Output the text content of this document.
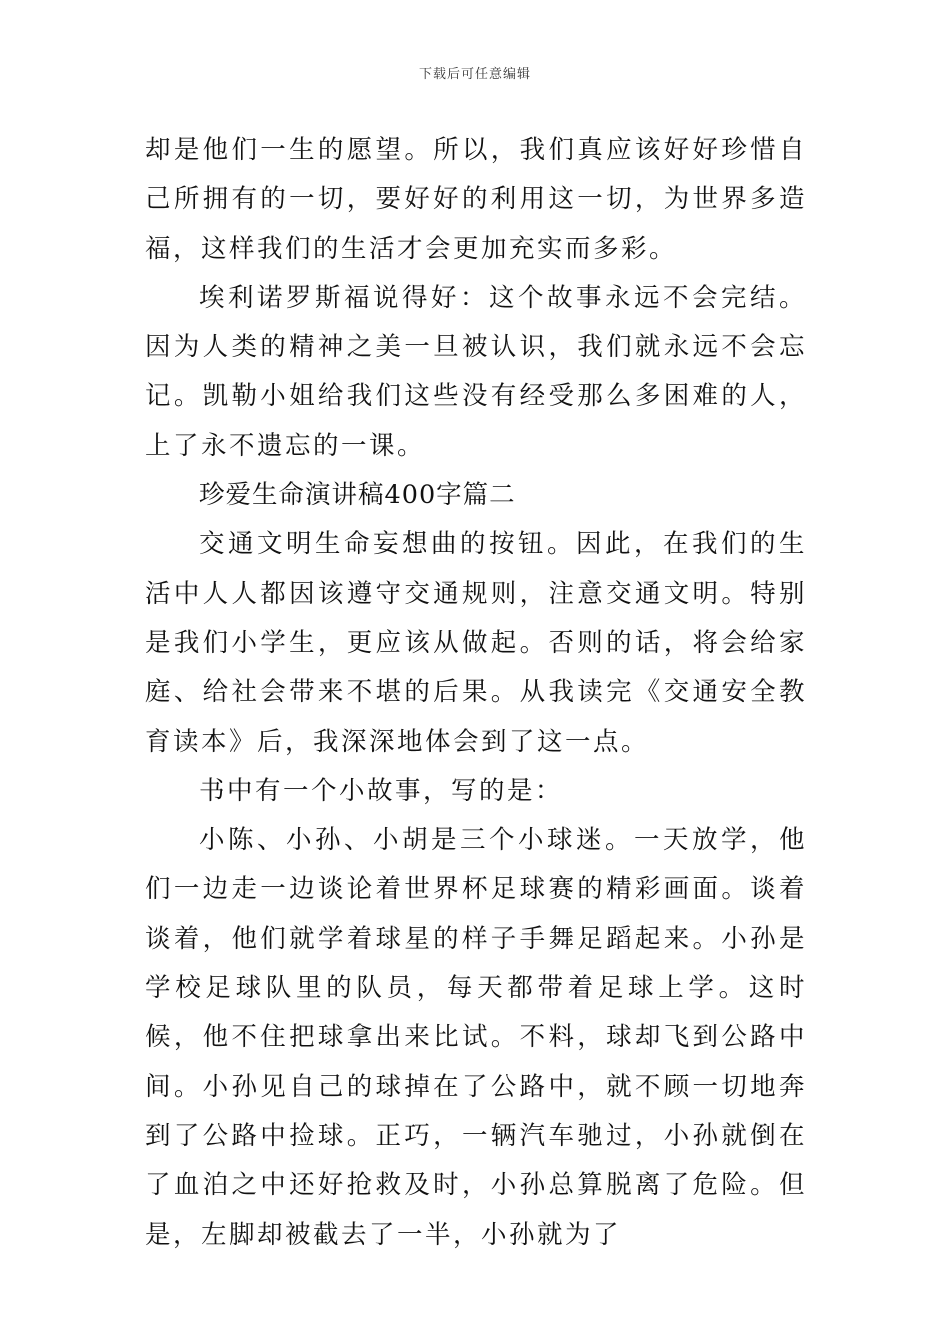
下载后可任意编辑

却是他们一生的愿望。所以，我们真应该好好珍惜自己所拥有的一切，要好好的利用这一切，为世界多造福，这样我们的生活才会更加充实而多彩。

埃利诺罗斯福说得好：这个故事永远不会完结。因为人类的精神之美一旦被认识，我们就永远不会忘记。凯勒小姐给我们这些没有经受那么多困难的人，上了永不遗忘的一课。

珍爱生命演讲稿400字篇二

交通文明生命妄想曲的按钮。因此，在我们的生活中人人都因该遵守交通规则，注意交通文明。特别是我们小学生，更应该从做起。否则的话，将会给家庭、给社会带来不堪的后果。从我读完《交通安全教育读本》后，我深深地体会到了这一点。

书中有一个小故事，写的是：

小陈、小孙、小胡是三个小球迷。一天放学，他们一边走一边谈论着世界杯足球赛的精彩画面。谈着谈着，他们就学着球星的样子手舞足蹈起来。小孙是学校足球队里的队员，每天都带着足球上学。这时候，他不住把球拿出来比试。不料，球却飞到公路中间。小孙见自己的球掉在了公路中，就不顾一切地奔到了公路中捡球。正巧，一辆汽车驰过，小孙就倒在了血泊之中还好抢救及时，小孙总算脱离了危险。但是，左脚却被截去了一半，小孙就为了
